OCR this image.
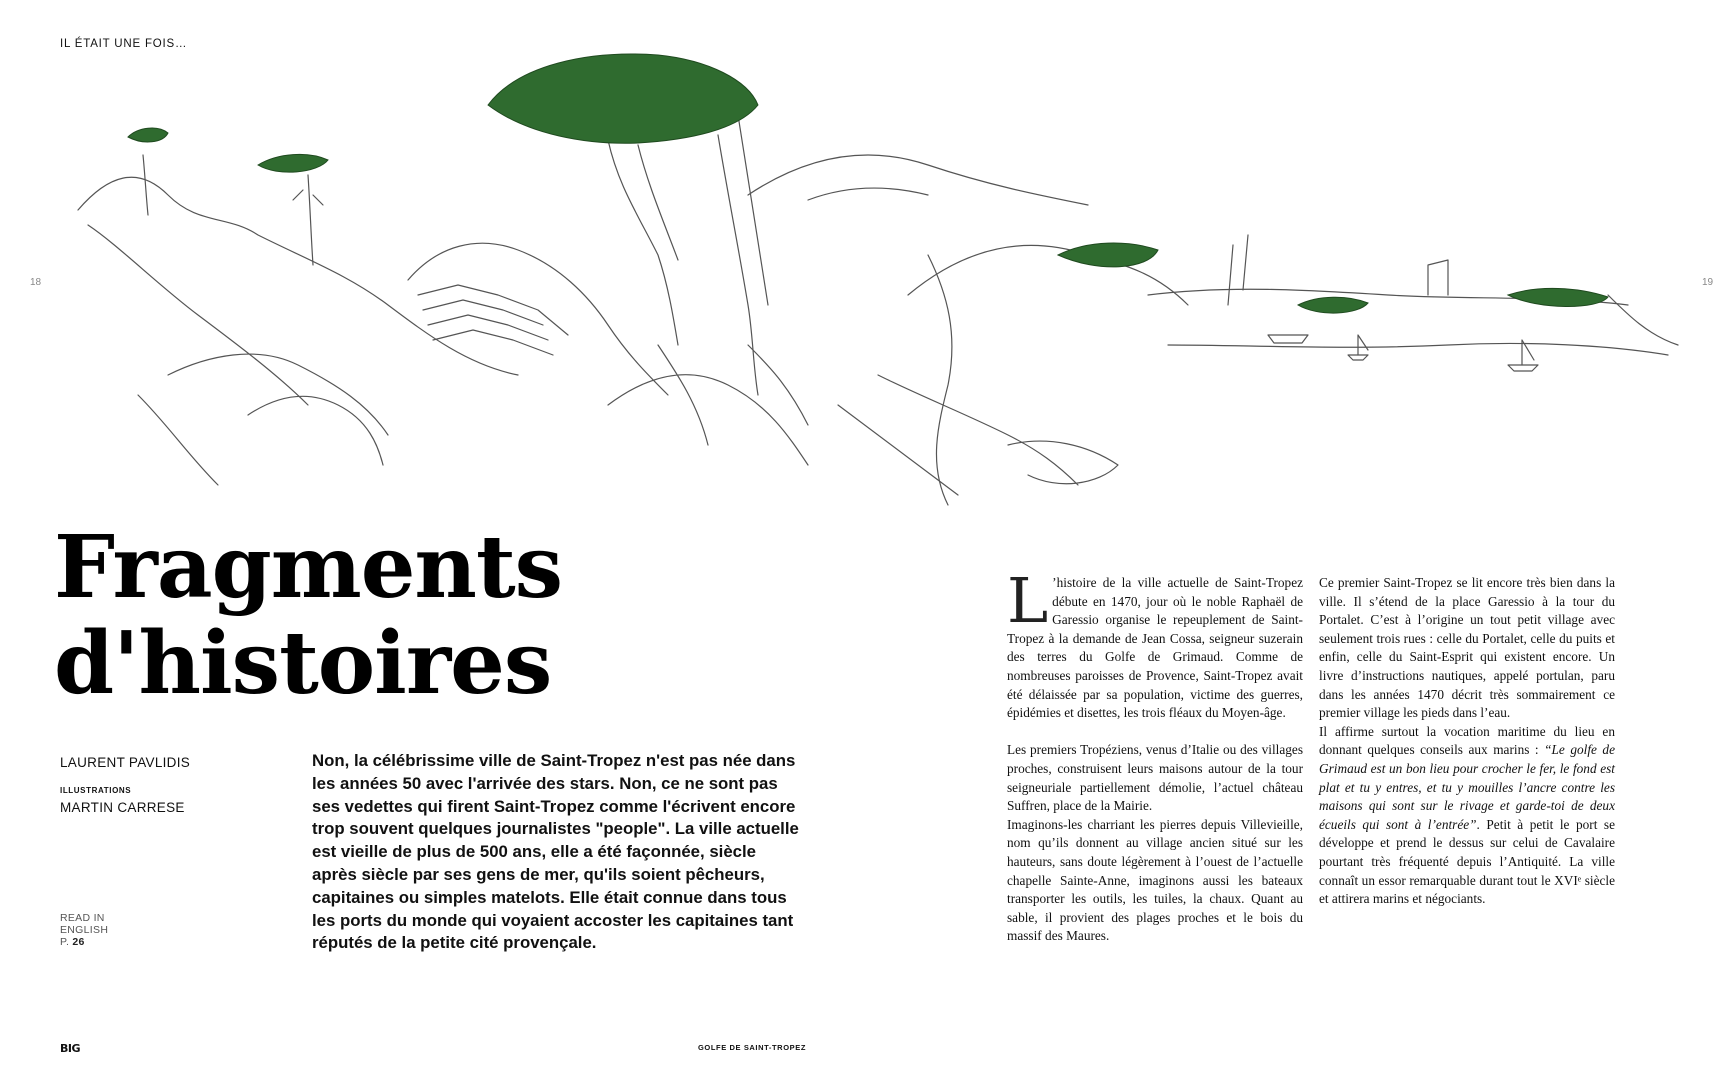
IL ÉTAIT UNE FOIS…
18	19
Fragments
d'histoires
LAURENT PAVLIDIS
ILLUSTRATIONS
MARTIN CARRESE
READ IN
ENGLISH
P. 26

Non, la célébrissime ville de Saint-Tropez n'est pas née dans les années 50 avec l'arrivée des stars. Non, ce ne sont pas ses vedettes qui firent Saint-Tropez comme l'écrivent encore trop souvent quelques journalistes "people". La ville actuelle est vieille de plus de 500 ans, elle a été façonnée, siècle après siècle par ses gens de mer, qu'ils soient pêcheurs, capitaines ou simples matelots. Elle était connue dans tous les ports du monde qui voyaient accoster les capitaines tant réputés de la petite cité provençale.

L ’histoire de la ville actuelle de Saint-Tropez débute en 1470, jour où le noble Raphaël de Garessio organise le repeuplement de Saint-Tropez à la demande de Jean Cossa, seigneur suzerain des terres du Golfe de Grimaud. Comme de nombreuses paroisses de Provence, Saint-Tropez avait été délaissée par sa population, victime des guerres, épidémies et disettes, les trois fléaux du Moyen-âge.

Les premiers Tropéziens, venus d’Italie ou des villages proches, construisent leurs maisons autour de la tour seigneuriale partiellement démolie, l’actuel château Suffren, place de la Mairie.

Imaginons-les charriant les pierres depuis Villevieille, nom qu’ils donnent au village ancien situé sur les hauteurs, sans doute légèrement à l’ouest de l’actuelle chapelle Sainte-Anne, imaginons aussi les bateaux transporter les outils, les tuiles, la chaux. Quant au sable, il provient des plages proches et le bois du massif des Maures.

Ce premier Saint-Tropez se lit encore très bien dans la ville. Il s’étend de la place Garessio à la tour du Portalet. C’est à l’origine un tout petit village avec seulement trois rues : celle du Portalet, celle du puits et enfin, celle du Saint-Esprit qui existent encore. Un livre d’instructions nautiques, appelé portulan, paru dans les années 1470 décrit très sommairement ce premier village les pieds dans l’eau.

Il affirme surtout la vocation maritime du lieu en donnant quelques conseils aux marins : “Le golfe de Grimaud est un bon lieu pour crocher le fer, le fond est plat et tu y entres, et tu y mouilles l’ancre contre les maisons qui sont sur le rivage et garde-toi de deux écueils qui sont à l’entrée”. Petit à petit le port se développe et prend le dessus sur celui de Cavalaire pourtant très fréquenté depuis l’Antiquité. La ville connaît un essor remarquable durant tout le XVIᵉ siècle et attirera marins et négociants.

BIG	GOLFE DE SAINT-TROPEZ
